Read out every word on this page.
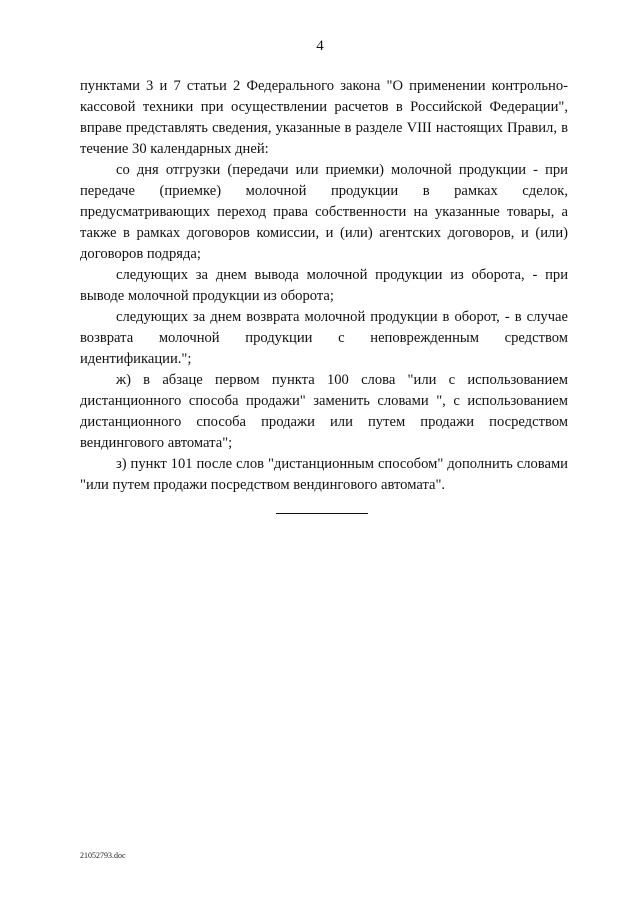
4

пунктами 3 и 7 статьи 2 Федерального закона "О применении контрольно-кассовой техники при осуществлении расчетов в Российской Федерации", вправе представлять сведения, указанные в разделе VIII настоящих Правил, в течение 30 календарных дней:

со дня отгрузки (передачи или приемки) молочной продукции - при передаче (приемке) молочной продукции в рамках сделок, предусматривающих переход права собственности на указанные товары, а также в рамках договоров комиссии, и (или) агентских договоров, и (или) договоров подряда;

следующих за днем вывода молочной продукции из оборота, - при выводе молочной продукции из оборота;

следующих за днем возврата молочной продукции в оборот, - в случае возврата молочной продукции с неповрежденным средством идентификации.";

ж) в абзаце первом пункта 100 слова "или с использованием дистанционного способа продажи" заменить словами ", с использованием дистанционного способа продажи или путем продажи посредством вендингового автомата";

з) пункт 101 после слов "дистанционным способом" дополнить словами "или путем продажи посредством вендингового автомата".

21052793.doc
